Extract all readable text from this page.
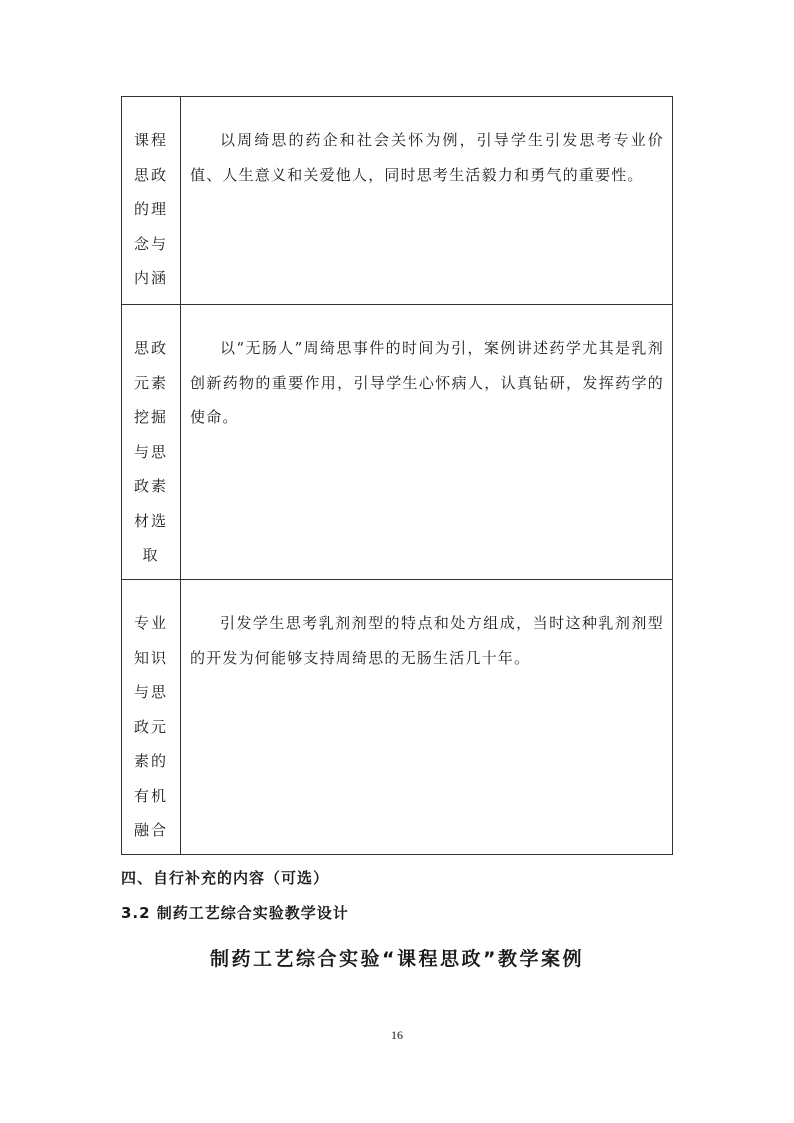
课程思政的理念与内涵	以周绮思的药企和社会关怀为例，引导学生引发思考专业价值、人生意义和关爱他人，同时思考生活毅力和勇气的重要性。

思政元素挖掘与思政素材选取	以“无肠人”周绮思事件的时间为引，案例讲述药学尤其是乳剂创新药物的重要作用，引导学生心怀病人，认真钻研，发挥药学的使命。

专业知识与思政元素的有机融合	引发学生思考乳剂剂型的特点和处方组成，当时这种乳剂剂型的开发为何能够支持周绮思的无肠生活几十年。

四、自行补充的内容（可选）

3.2 制药工艺综合实验教学设计

制药工艺综合实验“课程思政”教学案例
16
